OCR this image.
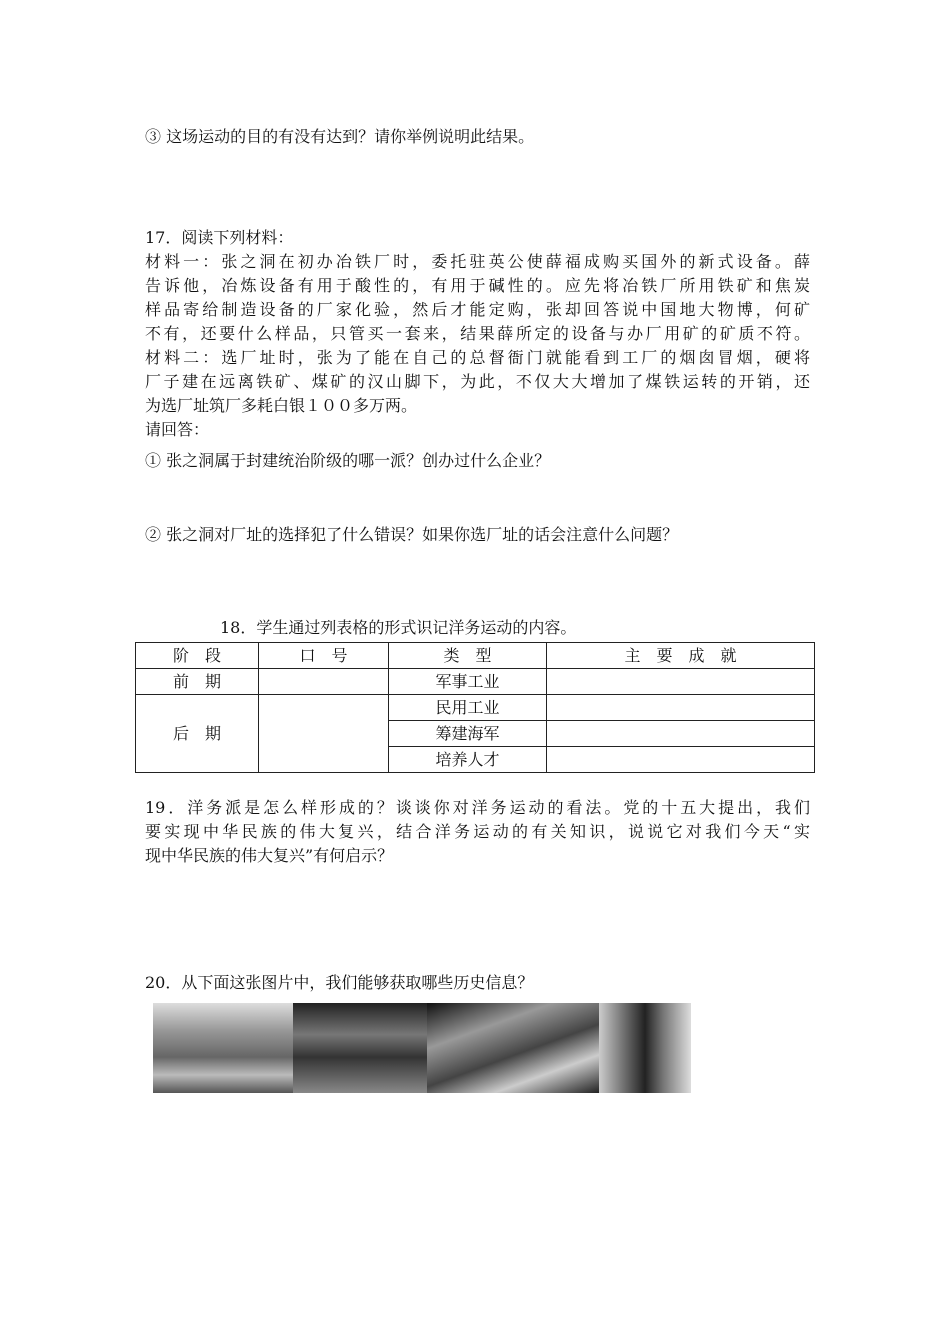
③ 这场运动的目的有没有达到？请你举例说明此结果。
17．阅读下列材料：
材料一：张之洞在初办冶铁厂时，委托驻英公使薛福成购买国外的新式设备。薛
告诉他，冶炼设备有用于酸性的，有用于碱性的。应先将冶铁厂所用铁矿和焦炭
样品寄给制造设备的厂家化验，然后才能定购，张却回答说中国地大物博，何矿
不有，还要什么样品，只管买一套来，结果薛所定的设备与办厂用矿的矿质不符。
材料二：选厂址时，张为了能在自己的总督衙门就能看到工厂的烟囱冒烟，硬将
厂子建在远离铁矿、煤矿的汉山脚下，为此，不仅大大增加了煤铁运转的开销，还
为选厂址筑厂多耗白银１００多万两。
请回答：
① 张之洞属于封建统治阶级的哪一派？创办过什么企业？
② 张之洞对厂址的选择犯了什么错误？如果你选厂址的话会注意什么问题？
18．学生通过列表格的形式识记洋务运动的内容。
阶　段	口　号	类　型	主　要　成　就
前　期		军事工业	
后　期		民用工业	
		筹建海军	
		培养人才	
19．洋务派是怎么样形成的？谈谈你对洋务运动的看法。党的十五大提出，我们
要实现中华民族的伟大复兴，结合洋务运动的有关知识，说说它对我们今天“实
现中华民族的伟大复兴”有何启示？
20．从下面这张图片中，我们能够获取哪些历史信息？
